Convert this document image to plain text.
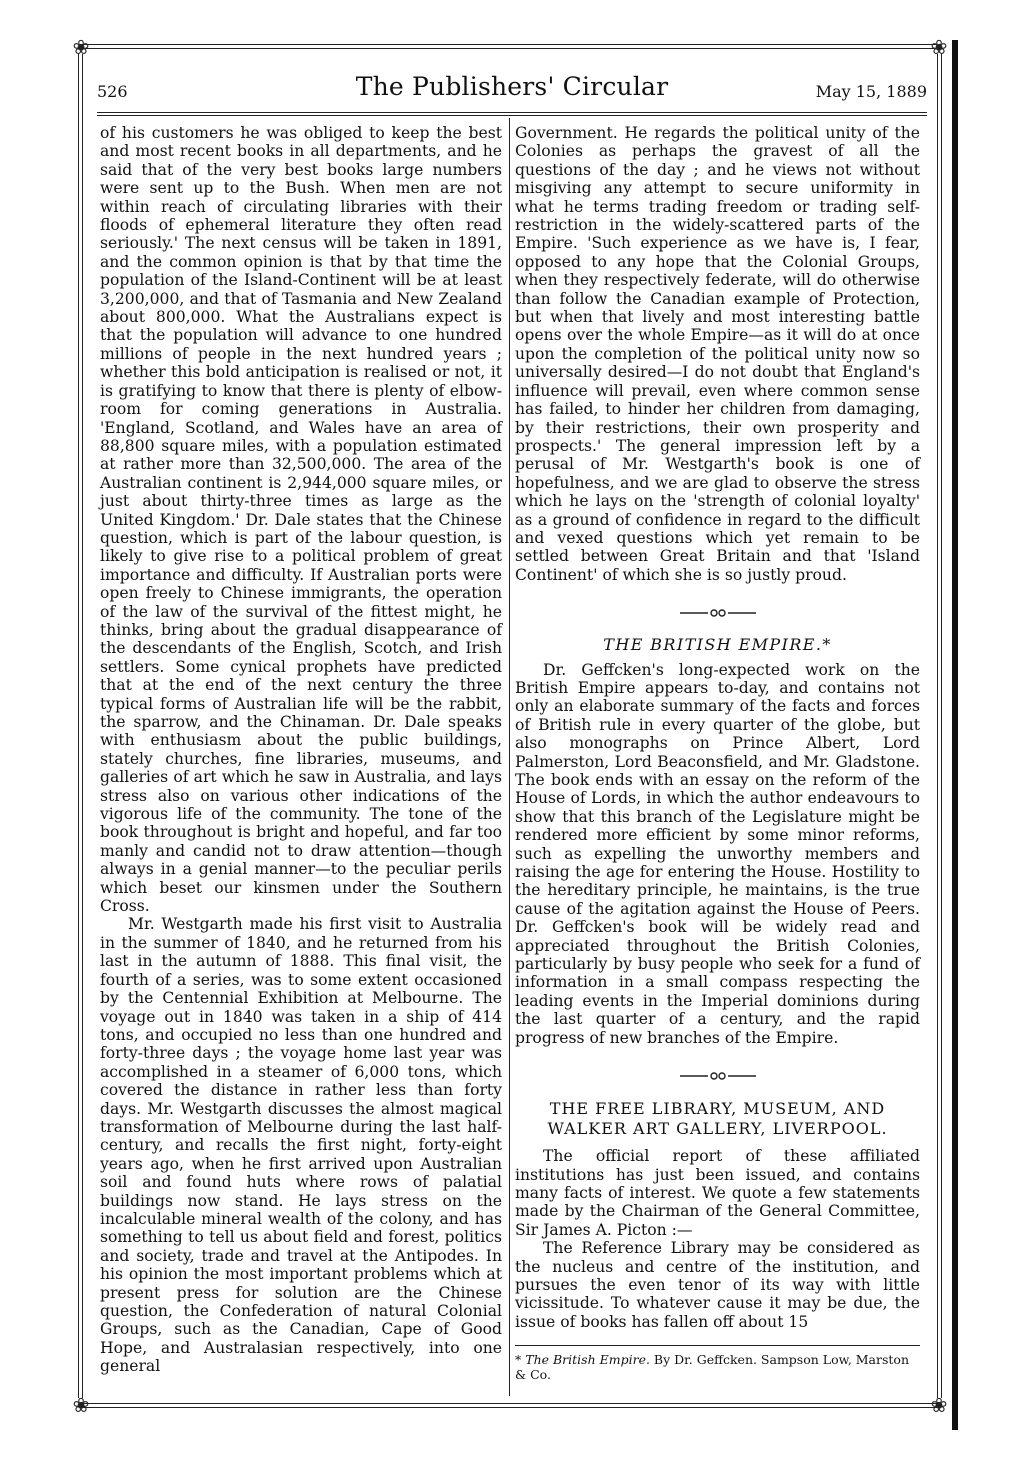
❀	❀
❀	❀
526	The Publishers' Circular	May 15, 1889

of his customers he was obliged to keep the best and most recent books in all departments, and he said that of the very best books large numbers were sent up to the Bush. When men are not within reach of circulating libraries with their floods of ephemeral literature they often read seriously.' The next census will be taken in 1891, and the common opinion is that by that time the population of the Island-Continent will be at least 3,200,000, and that of Tasmania and New Zealand about 800,000. What the Australians expect is that the population will advance to one hundred millions of people in the next hundred years ; whether this bold anticipation is realised or not, it is gratifying to know that there is plenty of elbow-room for coming generations in Australia. 'England, Scotland, and Wales have an area of 88,800 square miles, with a population estimated at rather more than 32,500,000. The area of the Australian continent is 2,944,000 square miles, or just about thirty-three times as large as the United Kingdom.' Dr. Dale states that the Chinese question, which is part of the labour question, is likely to give rise to a political problem of great importance and difficulty. If Australian ports were open freely to Chinese immigrants, the operation of the law of the survival of the fittest might, he thinks, bring about the gradual disappearance of the descendants of the English, Scotch, and Irish settlers. Some cynical prophets have predicted that at the end of the next century the three typical forms of Australian life will be the rabbit, the sparrow, and the Chinaman. Dr. Dale speaks with enthusiasm about the public buildings, stately churches, fine libraries, museums, and galleries of art which he saw in Australia, and lays stress also on various other indications of the vigorous life of the community. The tone of the book throughout is bright and hopeful, and far too manly and candid not to draw attention—though always in a genial manner—to the peculiar perils which beset our kinsmen under the Southern Cross.

Mr. Westgarth made his first visit to Australia in the summer of 1840, and he returned from his last in the autumn of 1888. This final visit, the fourth of a series, was to some extent occasioned by the Centennial Exhibition at Melbourne. The voyage out in 1840 was taken in a ship of 414 tons, and occupied no less than one hundred and forty-three days ; the voyage home last year was accomplished in a steamer of 6,000 tons, which covered the distance in rather less than forty days. Mr. Westgarth discusses the almost magical transformation of Melbourne during the last half-century, and recalls the first night, forty-eight years ago, when he first arrived upon Australian soil and found huts where rows of palatial buildings now stand. He lays stress on the incalculable mineral wealth of the colony, and has something to tell us about field and forest, politics and society, trade and travel at the Antipodes. In his opinion the most important problems which at present press for solution are the Chinese question, the Confederation of natural Colonial Groups, such as the Canadian, Cape of Good Hope, and Australasian respectively, into one general

Government. He regards the political unity of the Colonies as perhaps the gravest of all the questions of the day ; and he views not without misgiving any attempt to secure uniformity in what he terms trading freedom or trading self-restriction in the widely-scattered parts of the Empire. 'Such experience as we have is, I fear, opposed to any hope that the Colonial Groups, when they respectively federate, will do otherwise than follow the Canadian example of Protection, but when that lively and most interesting battle opens over the whole Empire—as it will do at once upon the completion of the political unity now so universally desired—I do not doubt that England's influence will prevail, even where common sense has failed, to hinder her children from damaging, by their restrictions, their own prosperity and prospects.' The general impression left by a perusal of Mr. Westgarth's book is one of hopefulness, and we are glad to observe the stress which he lays on the 'strength of colonial loyalty' as a ground of confidence in regard to the difficult and vexed questions which yet remain to be settled between Great Britain and that 'Island Continent' of which she is so justly proud.

THE BRITISH EMPIRE.*

Dr. Geffcken's long-expected work on the British Empire appears to-day, and contains not only an elaborate summary of the facts and forces of British rule in every quarter of the globe, but also monographs on Prince Albert, Lord Palmerston, Lord Beaconsfield, and Mr. Gladstone. The book ends with an essay on the reform of the House of Lords, in which the author endeavours to show that this branch of the Legislature might be rendered more efficient by some minor reforms, such as expelling the unworthy members and raising the age for entering the House. Hostility to the hereditary principle, he maintains, is the true cause of the agitation against the House of Peers. Dr. Geffcken's book will be widely read and appreciated throughout the British Colonies, particularly by busy people who seek for a fund of information in a small compass respecting the leading events in the Imperial dominions during the last quarter of a century, and the rapid progress of new branches of the Empire.

THE FREE LIBRARY, MUSEUM, AND
WALKER ART GALLERY, LIVERPOOL.

The official report of these affiliated institutions has just been issued, and contains many facts of interest. We quote a few statements made by the Chairman of the General Committee, Sir James A. Picton :—

The Reference Library may be considered as the nucleus and centre of the institution, and pursues the even tenor of its way with little vicissitude. To whatever cause it may be due, the issue of books has fallen off about 15

* The British Empire. By Dr. Geffcken. Sampson Low, Marston & Co.
